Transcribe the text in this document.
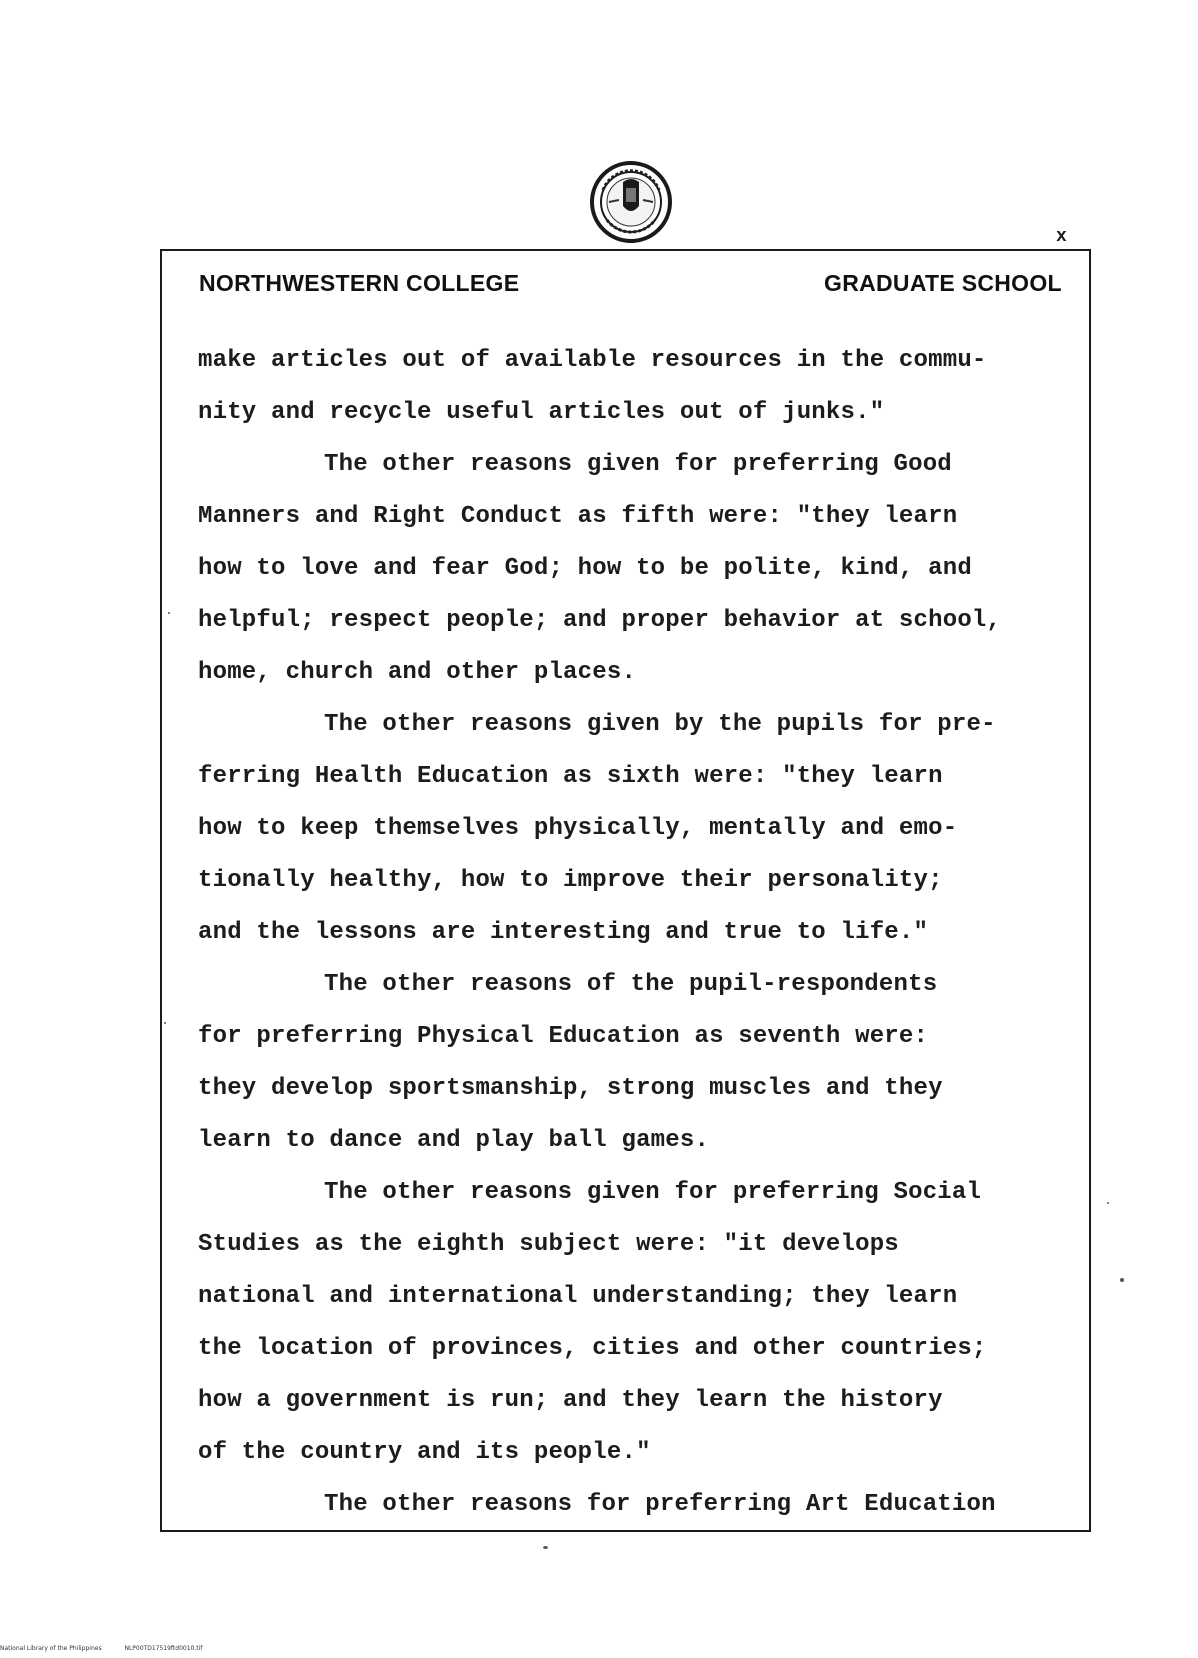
x
NORTHWESTERN COLLEGE	GRADUATE SCHOOL
make articles out of available resources in the commu-
nity and recycle useful articles out of junks."
The other reasons given for preferring Good
Manners and Right Conduct as fifth were: "they learn
how to love and fear God; how to be polite, kind, and
helpful; respect people; and proper behavior at school,
home, church and other places.
The other reasons given by the pupils for pre-
ferring Health Education as sixth were: "they learn
how to keep themselves physically, mentally and emo-
tionally healthy, how to improve their personality;
and the lessons are interesting and true to life."
The other reasons of the pupil-respondents
for preferring Physical Education as seventh were:
they develop sportsmanship, strong muscles and they
learn to dance and play ball games.
The other reasons given for preferring Social
Studies as the eighth subject were: "it develops
national and international understanding; they learn
the location of provinces, cities and other countries;
how a government is run; and they learn the history
of the country and its people."
The other reasons for preferring Art Education
National Library of the Philippines	NLP00TD17519ftd0010.tif
